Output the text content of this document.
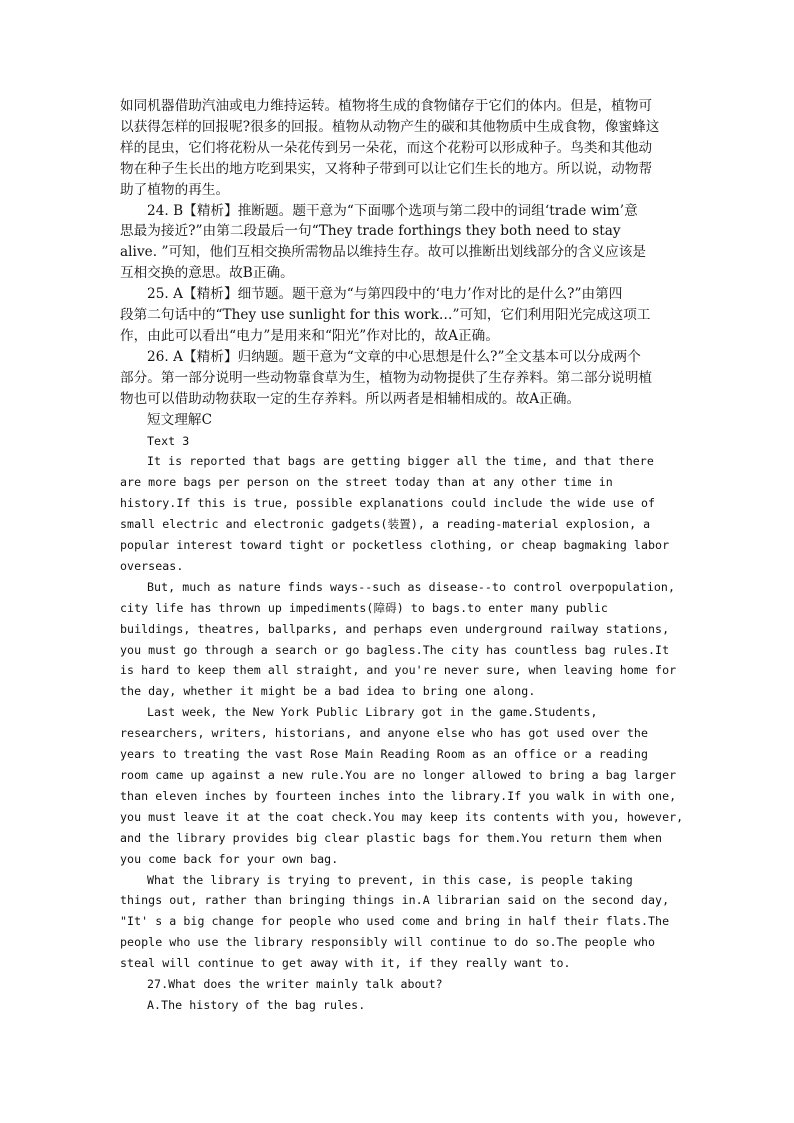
如同机器借助汽油或电力维持运转。植物将生成的食物储存于它们的体内。但是，植物可
以获得怎样的回报呢?很多的回报。植物从动物产生的碳和其他物质中生成食物，像蜜蜂这
样的昆虫，它们将花粉从一朵花传到另一朵花，而这个花粉可以形成种子。鸟类和其他动
物在种子生长出的地方吃到果实，又将种子带到可以让它们生长的地方。所以说，动物帮
助了植物的再生。

24. B【精析】推断题。题干意为“下面哪个选项与第二段中的词组‘trade wim’意

思最为接近?”由第二段最后一句“They trade forthings they both need to stay
alive. ”可知，他们互相交换所需物品以维持生存。故可以推断出划线部分的含义应该是
互相交换的意思。故B正确。

25. A【精析】细节题。题干意为“与第四段中的‘电力’作对比的是什么?”由第四

段第二句话中的“They use sunlight for this work…”可知，它们利用阳光完成这项工
作，由此可以看出“电力”是用来和“阳光”作对比的，故A正确。

26. A【精析】归纳题。题干意为“文章的中心思想是什么?”全文基本可以分成两个

部分。第一部分说明一些动物靠食草为生，植物为动物提供了生存养料。第二部分说明植
物也可以借助动物获取一定的生存养料。所以两者是相辅相成的。故A正确。

短文理解C

Text 3

It is reported that bags are getting bigger all the time, and that there

are more bags per person on the street today than at any other time in
history.If this is true, possible explanations could include the wide use of
small electric and electronic gadgets(装置), a reading-material explosion, a
popular interest toward tight or pocketless clothing, or cheap bagmaking labor
overseas.

But, much as nature finds ways--such as disease--to control overpopulation,

city life has thrown up impediments(障碍) to bags.to enter many public
buildings, theatres, ballparks, and perhaps even underground railway stations,
you must go through a search or go bagless.The city has countless bag rules.It
is hard to keep them all straight, and you're never sure, when leaving home for
the day, whether it might be a bad idea to bring one along.

Last week, the New York Public Library got in the game.Students,

researchers, writers, historians, and anyone else who has got used over the
years to treating the vast Rose Main Reading Room as an office or a reading
room came up against a new rule.You are no longer allowed to bring a bag larger
than eleven inches by fourteen inches into the library.If you walk in with one,
you must leave it at the coat check.You may keep its contents with you, however,
and the library provides big clear plastic bags for them.You return them when
you come back for your own bag.

What the library is trying to prevent, in this case, is people taking

things out, rather than bringing things in.A librarian said on the second day,
"It' s a big change for people who used come and bring in half their flats.The
people who use the library responsibly will continue to do so.The people who
steal will continue to get away with it, if they really want to.

27.What does the writer mainly talk about?

A.The history of the bag rules.
